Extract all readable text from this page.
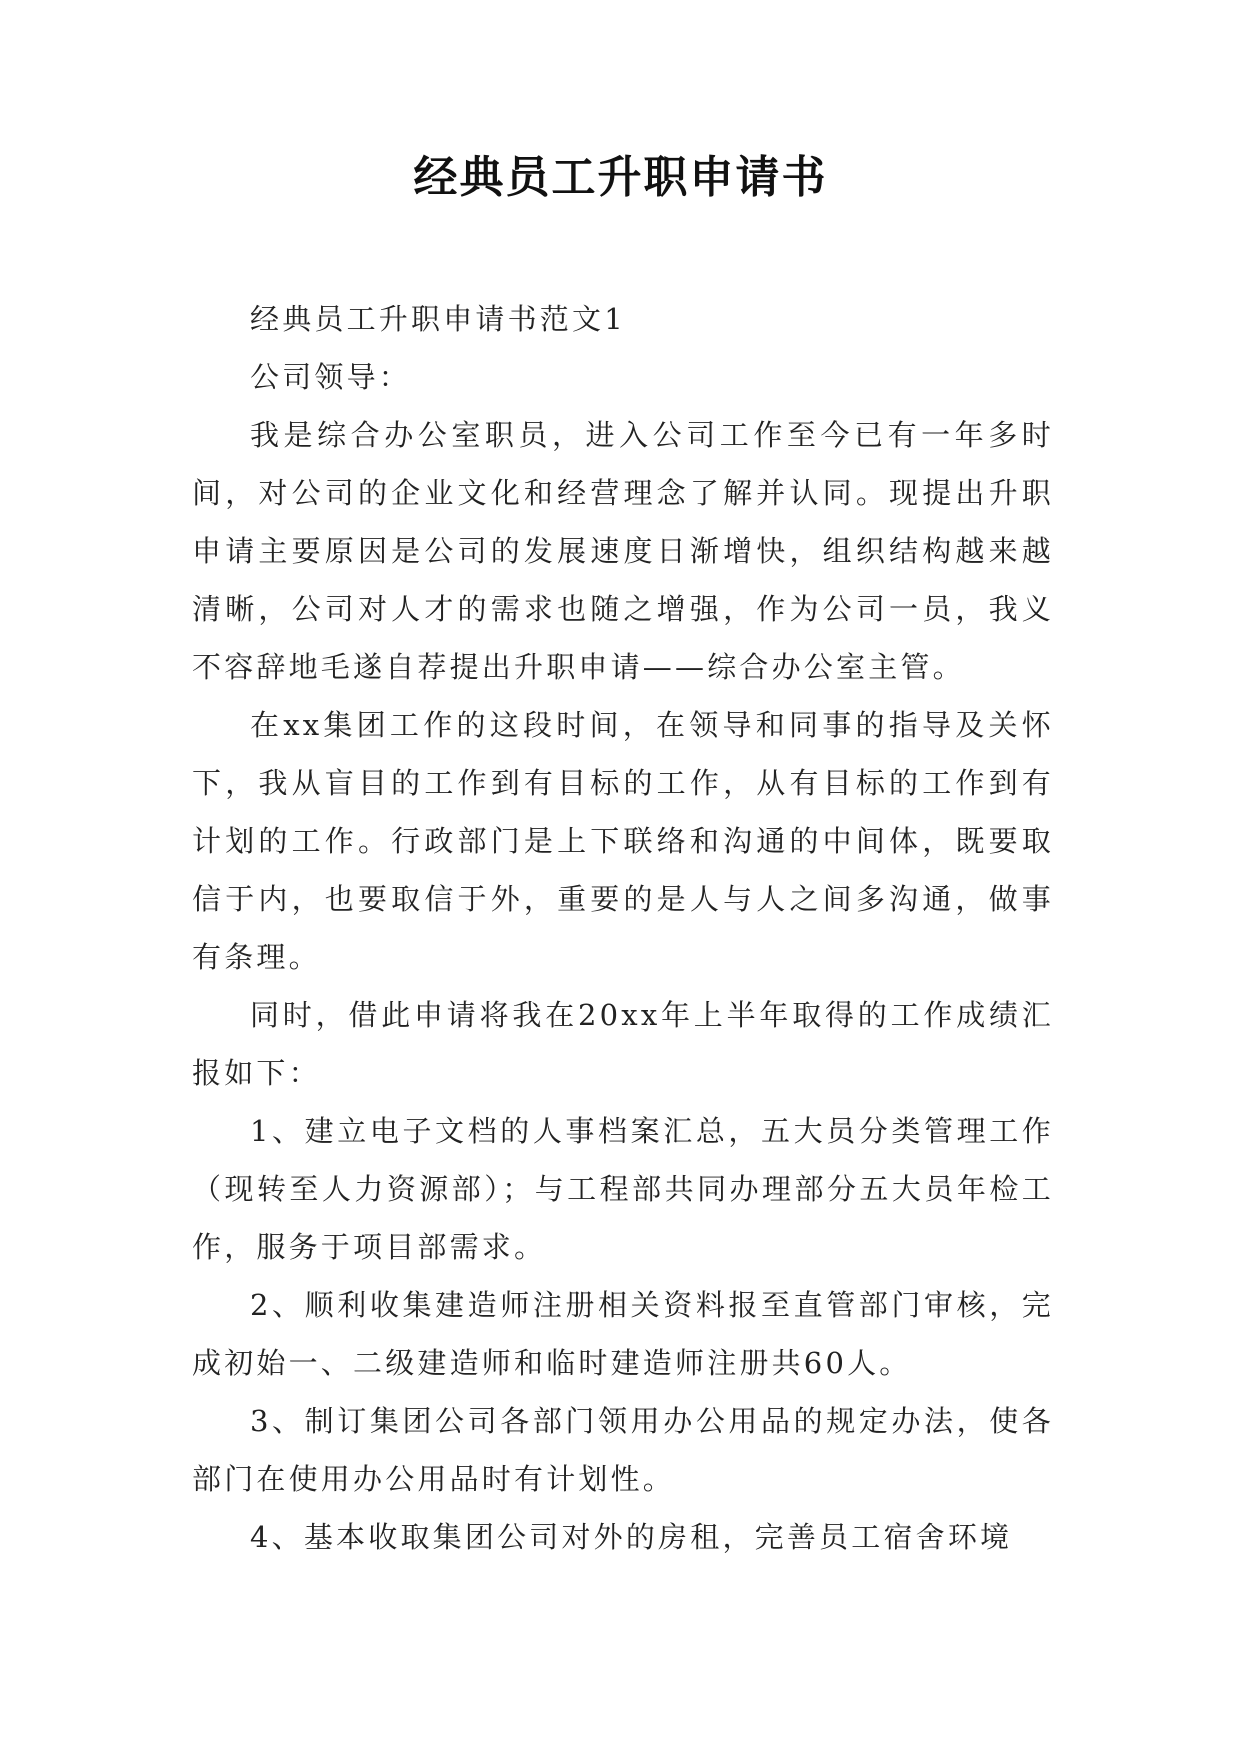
经典员工升职申请书

经典员工升职申请书范文1

公司领导：

我是综合办公室职员，进入公司工作至今已有一年多时间，对公司的企业文化和经营理念了解并认同。现提出升职申请主要原因是公司的发展速度日渐增快，组织结构越来越清晰，公司对人才的需求也随之增强，作为公司一员，我义不容辞地毛遂自荐提出升职申请——综合办公室主管。

在xx集团工作的这段时间，在领导和同事的指导及关怀下，我从盲目的工作到有目标的工作，从有目标的工作到有计划的工作。行政部门是上下联络和沟通的中间体，既要取信于内，也要取信于外，重要的是人与人之间多沟通，做事有条理。

同时，借此申请将我在20xx年上半年取得的工作成绩汇报如下：

1、建立电子文档的人事档案汇总，五大员分类管理工作（现转至人力资源部）；与工程部共同办理部分五大员年检工作，服务于项目部需求。

2、顺利收集建造师注册相关资料报至直管部门审核，完成初始一、二级建造师和临时建造师注册共60人。

3、制订集团公司各部门领用办公用品的规定办法，使各部门在使用办公用品时有计划性。

4、基本收取集团公司对外的房租，完善员工宿舍环境
